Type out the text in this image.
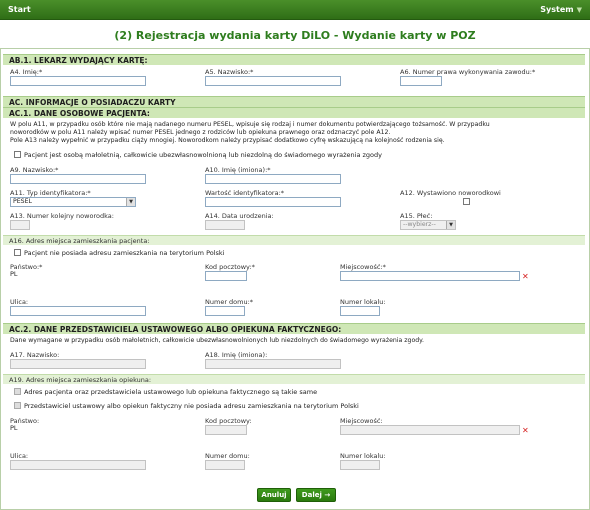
Start	System ▼
(2) Rejestracja wydania karty DiLO - Wydanie karty w POZ
AB.1. LEKARZ WYDAJĄCY KARTĘ:
A4. Imię:*	A5. Nazwisko:*	A6. Numer prawa wykonywania zawodu:*
AC. INFORMACJE O POSIADACZU KARTY
AC.1. DANE OSOBOWE PACJENTA:
W polu A11, w przypadku osób które nie mają nadanego numeru PESEL, wpisuje się rodzaj i numer dokumentu potwierdzającego tożsamość. W przypadku
noworodków w polu A11 należy wpisać numer PESEL jednego z rodziców lub opiekuna prawnego oraz odznaczyć pole A12.
Pole A13 należy wypełnić w przypadku ciąży mnogiej. Noworodkom należy przypisać dodatkowo cyfrę wskazującą na kolejność rodzenia się.
Pacjent jest osobą małoletnią, całkowicie ubezwłasnowolnioną lub niezdolną do świadomego wyrażenia zgody
A9. Nazwisko:*	A10. Imię (imiona):*
A11. Typ identyfikatora:*
PESEL	▼
Wartość identyfikatora:*	A12. Wystawiono noworodkowi
A13. Numer kolejny noworodka:	A14. Data urodzenia:	A15. Płeć:
--wybierz--	▼
A16. Adres miejsca zamieszkania pacjenta:
Pacjent nie posiada adresu zamieszkania na terytorium Polski
Państwo:*
PL
Kod pocztowy:*	Miejscowość:*
✕
Ulica:	Numer domu:*	Numer lokalu:
AC.2. DANE PRZEDSTAWICIELA USTAWOWEGO ALBO OPIEKUNA FAKTYCZNEGO:
Dane wymagane w przypadku osób małoletnich, całkowicie ubezwłasnowolnionych lub niezdolnych do świadomego wyrażenia zgody.
A17. Nazwisko:	A18. Imię (imiona):
A19. Adres miejsca zamieszkania opiekuna:
Adres pacjenta oraz przedstawiciela ustawowego lub opiekuna faktycznego są takie same
Przedstawiciel ustawowy albo opiekun faktyczny nie posiada adresu zamieszkania na terytorium Polski
Państwo:
PL
Kod pocztowy:	Miejscowość:
✕
Ulica:	Numer domu:	Numer lokalu:
Anuluj	Dalej →
